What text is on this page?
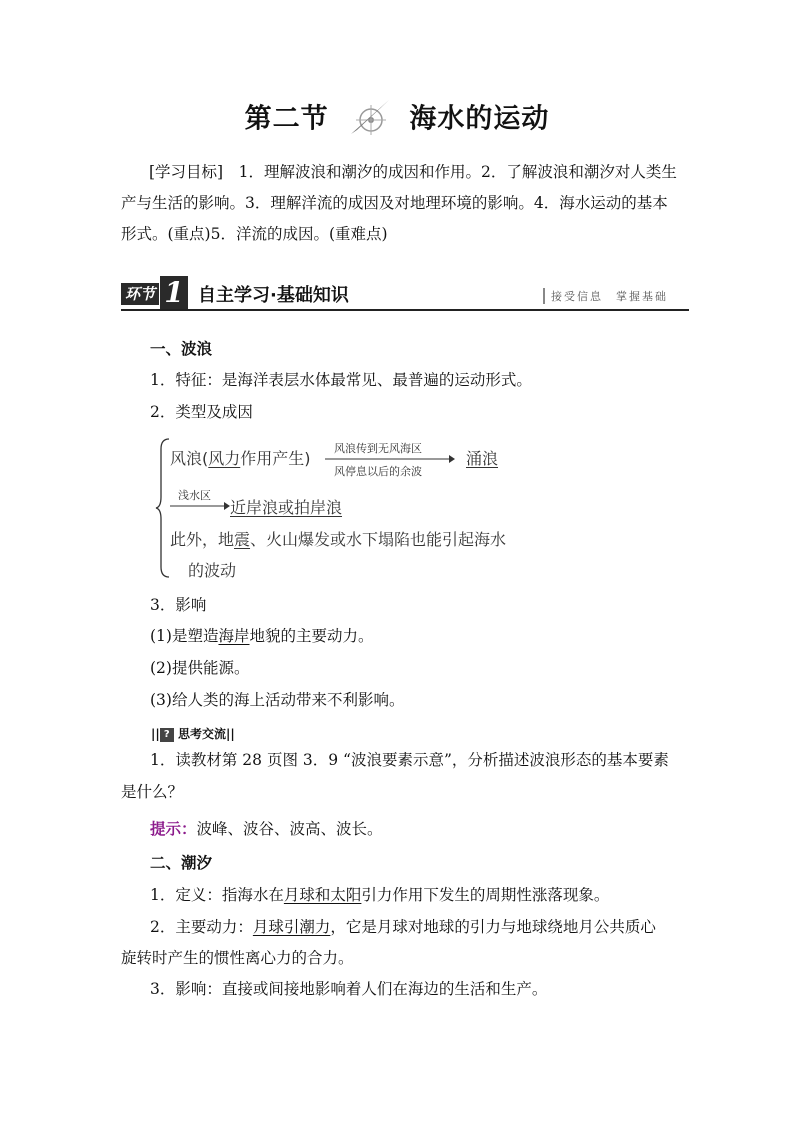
第二节	海水的运动
[学习目标]　1．理解波浪和潮汐的成因和作用。2．了解波浪和潮汐对人类生产与生活的影响。3．理解洋流的成因及对地理环境的影响。4．海水运动的基本形式。(重点)5．洋流的成因。(重难点)
环节 1 自主学习·基础知识	接受信息　掌握基础
一、波浪
1．特征：是海洋表层水体最常见、最普遍的运动形式。
2．类型及成因
风浪(风力作用产生)
风浪传到无风海区
风停息以后的余波
涌浪
浅水区
近岸浪或拍岸浪
此外，地震、火山爆发或水下塌陷也能引起海水
的波动
3．影响
(1)是塑造海岸地貌的主要动力。
(2)提供能源。
(3)给人类的海上活动带来不利影响。
|| ? 思考交流||
1．读教材第 28 页图 3．9 “波浪要素示意”，分析描述波浪形态的基本要素
是什么？
提示：波峰、波谷、波高、波长。
二、潮汐
1．定义：指海水在月球和太阳引力作用下发生的周期性涨落现象。
2．主要动力：月球引潮力，它是月球对地球的引力与地球绕地月公共质心
旋转时产生的惯性离心力的合力。
3．影响：直接或间接地影响着人们在海边的生活和生产。
